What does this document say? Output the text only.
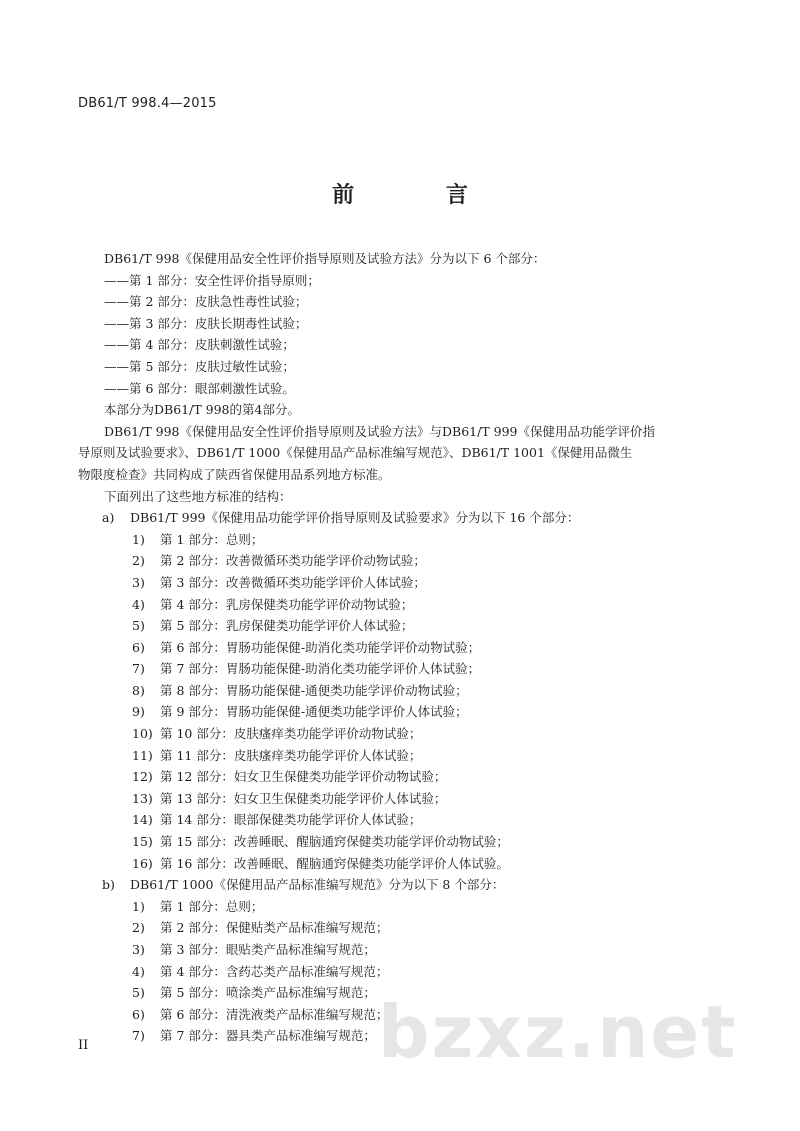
DB61/T 998.4—2015
前 言
DB61/T 998《保健用品安全性评价指导原则及试验方法》分为以下 6 个部分：
——第 1 部分：安全性评价指导原则；
——第 2 部分：皮肤急性毒性试验；
——第 3 部分：皮肤长期毒性试验；
——第 4 部分：皮肤刺激性试验；
——第 5 部分：皮肤过敏性试验；
——第 6 部分：眼部刺激性试验。
本部分为DB61/T 998的第4部分。
DB61/T 998《保健用品安全性评价指导原则及试验方法》与DB61/T 999《保健用品功能学评价指
导原则及试验要求》、DB61/T 1000《保健用品产品标准编写规范》、DB61/T 1001《保健用品微生
物限度检查》共同构成了陕西省保健用品系列地方标准。
下面列出了这些地方标准的结构：
a) DB61/T 999《保健用品功能学评价指导原则及试验要求》分为以下 16 个部分：
1) 第 1 部分：总则；
2) 第 2 部分：改善微循环类功能学评价动物试验；
3) 第 3 部分：改善微循环类功能学评价人体试验；
4) 第 4 部分：乳房保健类功能学评价动物试验；
5) 第 5 部分：乳房保健类功能学评价人体试验；
6) 第 6 部分：胃肠功能保健-助消化类功能学评价动物试验；
7) 第 7 部分：胃肠功能保健-助消化类功能学评价人体试验；
8) 第 8 部分：胃肠功能保健-通便类功能学评价动物试验；
9) 第 9 部分：胃肠功能保健-通便类功能学评价人体试验；
10) 第 10 部分：皮肤瘙痒类功能学评价动物试验；
11) 第 11 部分：皮肤瘙痒类功能学评价人体试验；
12) 第 12 部分：妇女卫生保健类功能学评价动物试验；
13) 第 13 部分：妇女卫生保健类功能学评价人体试验；
14) 第 14 部分：眼部保健类功能学评价人体试验；
15) 第 15 部分：改善睡眠、醒脑通窍保健类功能学评价动物试验；
16) 第 16 部分：改善睡眠、醒脑通窍保健类功能学评价人体试验。
b) DB61/T 1000《保健用品产品标准编写规范》分为以下 8 个部分：
1) 第 1 部分：总则；
2) 第 2 部分：保健贴类产品标准编写规范；
3) 第 3 部分：眼贴类产品标准编写规范；
4) 第 4 部分：含药芯类产品标准编写规范；
5) 第 5 部分：喷涂类产品标准编写规范；
6) 第 6 部分：清洗液类产品标准编写规范；
7) 第 7 部分：器具类产品标准编写规范； bzxz.net
II
